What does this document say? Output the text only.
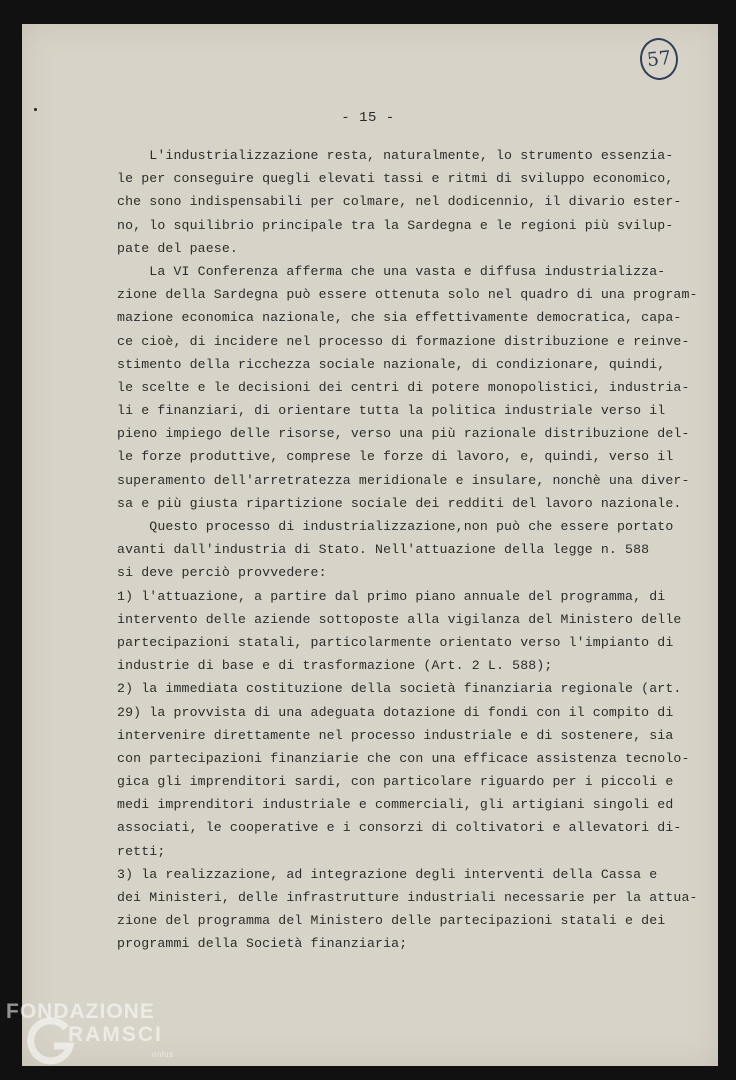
57
- 15 -
L'industrializzazione resta, naturalmente, lo strumento essenzia-
le per conseguire quegli elevati tassi e ritmi di sviluppo economico,
che sono indispensabili per colmare, nel dodicennio, il divario ester-
no, lo squilibrio principale tra la Sardegna e le regioni più svilup-
pate del paese.
La VI Conferenza afferma che una vasta e diffusa industrializza-
zione della Sardegna può essere ottenuta solo nel quadro di una program-
mazione economica nazionale, che sia effettivamente democratica, capa-
ce cioè, di incidere nel processo di formazione distribuzione e reinve-
stimento della ricchezza sociale nazionale, di condizionare, quindi,
le scelte e le decisioni dei centri di potere monopolistici, industria-
li e finanziari, di orientare tutta la politica industriale verso il
pieno impiego delle risorse, verso una più razionale distribuzione del-
le forze produttive, comprese le forze di lavoro, e, quindi, verso il
superamento dell'arretratezza meridionale e insulare, nonchè una diver-
sa e più giusta ripartizione sociale dei redditi del lavoro nazionale.
Questo processo di industrializzazione,non può che essere portato
avanti dall'industria di Stato. Nell'attuazione della legge n. 588
si deve perciò provvedere:
1) l'attuazione, a partire dal primo piano annuale del programma, di
intervento delle aziende sottoposte alla vigilanza del Ministero delle
partecipazioni statali, particolarmente orientato verso l'impianto di
industrie di base e di trasformazione (Art. 2 L. 588);
2) la immediata costituzione della società finanziaria regionale (art.
29) la provvista di una adeguata dotazione di fondi con il compito di
intervenire direttamente nel processo industriale e di sostenere, sia
con partecipazioni finanziarie che con una efficace assistenza tecnolo-
gica gli imprenditori sardi, con particolare riguardo per i piccoli e
medi imprenditori industriale e commerciali, gli artigiani singoli ed
associati, le cooperative e i consorzi di coltivatori e allevatori di-
retti;
3) la realizzazione, ad integrazione degli interventi della Cassa e
dei Ministeri, delle infrastrutture industriali necessarie per la attua-
zione del programma del Ministero delle partecipazioni statali e dei
programmi della Società finanziaria;
FONDAZIONE
RAMSCI
onlus
